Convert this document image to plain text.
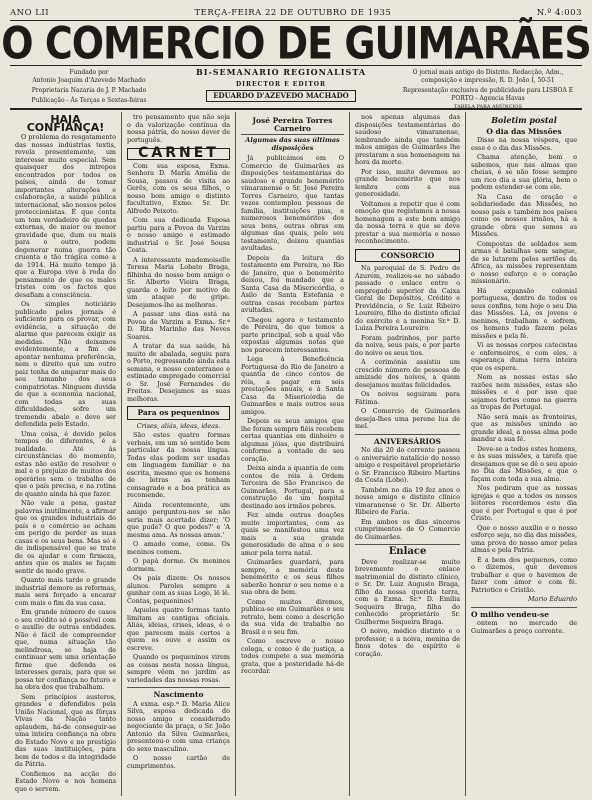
ANO LII	TERÇA-FEIRA 22 DE OUTUBRO DE 1935	N.º 4:003
O COMERCIO DE GUIMARÃES
Fundado por
Antonio Joaquim d'Azevedo Machado
Proprietaria Nazaria de J. P. Machado
Publicação - Ás Terças e Sextas-feiras
BI-SEMANARIO REGIONALISTA
DIRECTOR E EDITOR
EDUARDO D'AZEVEDO MACHADO
O jornal mais antigo do Distrito. Redacção, Adm., composição e impressão, R. D. João I, 50-51
Representação exclusiva de publicidade para LISBOA E PORTO - Agencia Havas
TABELA PARA ANÚNCIOS
HAJA CONFIANÇA!

O problema do resgatamento das nossas indústrias textis, revela presentemente, um interesse muito especial. Sem quaisquer dos intrepos encontrados por todos os países, ainda de tomar importantes alterações e colaboração, a saúde pública internacional, são nossos pelos proteccionistas. É que conta um tom verdadeiro de quedas externas, de maior ou menor gravidade que, dum ou mais para o outro, podem degenerar numa guerra tão cruenta e tão trágica como a de 1914. Há muito tempo já que a Europa vive à roda do pensamento de que os males tristes com os factos que desafiam a consciência.

Os simples noticiário publicado pelos jornais é suficiente para os provar, com evidência, a situação de alarme que parecem exigir as medidas. Não deixamos evidentemente, a fim de apontar nenhuma preferência, nem o direito que um outro paiz tenha de amparar mais do seu tamanho dos seus compatriotas. Ninguem duvida de que a economia nacional, com todas as suas dificuldades, sofre um tremendo abalo e deve ser defendida pelo Estado.

Uma coisa, é devido pelos tempos de diferentes, é a realidade. Até às circunstâncias do momento, estas não estão de resolver o mal e o prejuízo de muitos dos operários sem o trabalho de que o país precisa, e na rotina de quanto ainda há que fazer.

Não vale a pena, gastar palavras inutilmente, a afirmar que os grandes industriais do país e o comércio se acham em perigo de perder as suas casas e os seus bens. Mas só é de indispensável que se trate de os ajudar e com firmeza, antes que os males se façam sentir de modo grave.

Quanto mais tarde o grande industrial demore as reformas, mais será forçado a encarar com mais o fim da sua casa.

Em grande número de casos o seu crédito só é possível com o auxilio de outras entidades. Não é fácil de compreender que, numa situação tão melindrosa, se haja de continuar sem uma orientação firme que defenda os interesses gerais, para que se possa ter confiança no futuro e na obra dos que trabalham.

Sem princípios austeros, grandes e defendidos pela União Nacional, que as fôrças Vivas da Nação tanto aplaudem, há-de conseguir-se uma inteira confiança na obra do Estado Novo e no prestígio das suas instituições, para bem de todos e da integridade da Pátria.

Confiemos na acção do Estado Novo e nos homens que o servem.

tro pensamento que não seja o da valorização contínua da nossa pátria, do nosso dever de português.

CARNET

Com sua esposa, Exma. Senhora D. Maria Amélia de Sousa, passou de visita ao Gerês, com os seus filhos, o nosso bom amigo e distinto facultativo, Exmo. Sr. Dr. Alfredo Peixoto.

Com sua dedicada Esposa partiu para a Povoa de Varzim o nosso amigo e estimado industrial o Sr. José Sousa Costa.

A interessante mademoiselle Teresa Maria Lobato Braga, filhinha do nosso bom amigo o Sr. Alberto Vieira Braga, guarda o leito por motivo de um ataque de gripe. Desejamos-lhe as melhoras.

A passar uns dias está na Povoa de Varzim a Exma. Sr.ª D. Rita Marinho das Neves Soares.

A tratar da sua saúde, há muito de abalada, seguiu para o Porto, regressando ainda esta semana, o nosso conterraneo e estimado empregado comercial o Sr. José Fernandes de Freitas. Desejamos as suas melhoras.

Para os pequeninos
Crises, aliás, ideas, ideas.

São estes quatro formas verbais, em um só sentido bem particular da nossa língua. Todas elas podem ser usadas em linguagem familiar e na escrita, mesmo que os homens de letras as tenham consagrado e a boa prática as recomende.

Ainda recentemente, um amigo perguntou-nos se não seria mais acertado dizer: 'O que pude? O que podes?' e 'A mesma ama. As nossas amas.'

O amado come, come. Os meninos comem.

O papá dorme. Os meninos dormem.

Os pais dizem: Os nossos alunos. Paroles sempre a ganhar com as suas Logo, lê lê. Contas, pequeninos!

Aqueles quatro formas tanto limitam as cantigas oficiais. Aliás, ideias, crises, ideas, é o que parecem mais certos a quem os ouve e assim os escreve.

Quando os pequeninos virem as coisas nesta nossa língua, sempre vêem no jardim as variedades das nossas rosas.

Nascimento

A exma. esp.ª D. Maria Alice Silva, esposa dedicada do nosso amigo e considerado negociante da praça, o Sr. João Antonio da Silva Guimarães, presenteou-o com uma criança do sexo masculino.

O nosso cartão de cumprimentos.

José Pereira Torres Carneiro
Algumas das suas últimas disposições

Já publicámos em O Comercio de Guimarães as disposições testamentárias do saudoso e grande benemérito vimaranense o Sr. José Pereira Torres Carneiro, que tantas vezes contemplou pessoas de família, instituições pias, e numerosos beneméritos dos seus bens, outras obras em algumas das quais, pelo seu testamento, deixou quantias avultadas.

Depois da leitura do testamento em Pereira, no Rio de Janeiro, que o benemérito deixou, foi mandado que a Santa Casa da Misericórdia, o Asilo de Santa Estefania e outras casas recebam partes avultadas.

Chegou agora o testamento de Pereira, de que temos a parte principal, sob a qual vão expostas algumas notas que nos parecem interessantes.

Lega à Beneficência Portuguesa do Rio de Janeiro a quantia de cinco contos de réis, a pagar em seis prestações anuais, e à Santa Casa da Misericórdia de Guimarães e mais outros seus amigos.

Depois os seus amigos que lhe foram sempre fiéis recebem certas quantias em dinheiro e algumas jóias, que distribuirá conforme a vontade de seu coração.

Deixa ainda a quantia de cem contos de réis à Ordem Terceira de São Francisco de Guimarães, Portugal, para a construção de um hospital destinado aos irmãos pobres.

Fez ainda outras doações muito importantes, com as quais se manifestou uma vez mais a sua grande generosidade de alma e o seu amor pela terra natal.

Guimarães guardará, para sempre, a memória deste benemérito e os seus filhos saberão honrar o seu nome e a sua obra de bem.

Como muitos diremos, publica-se em Guimarães o seu retrato, bem como a descrição da sua vida de trabalho no Brasil e o seu fim.

Como escreve o nosso colega, e como é de justiça, a todos compete a sua memória grata, que a posteridade há-de recordar.

nos apenas algumas das disposições testamentárias do saudoso vimaranense, lembrando ainda que também mãos amigas de Guimarães lhe prestaram a sua homenagem na hora da morte.

Por isso, muito devemos ao grande benemérito que nos lembra com a sua generosidade.

Voltamos a repetir que é com emoção que registamos a nossa homenagem a este bom amigo da nossa terra e que se deve prestar a sua memória o nosso reconhecimento.

CONSORCIO

Na paroquial de S. Pedro de Azurém, realizou-se no sábado passado o enlace entre o empregado superior da Caixa Geral de Depósitos, Crédito e Previdência, o Sr. Luiz Ribeiro Loureiro, filho do distinto oficial do exército e a menina Sr.ª D. Luiza Pereira Loureiro.

Foram padrinhos, por parte da noiva, seus pais, e por parte do noivo os seus tios.

A cerimónia assistiu um crescido número de pessoas de amizade dos noivos, a quem desejamos muitas felicidades.

Os noivos seguiram para Fátima.

O Comercio de Guimarães deseja-lhes uma perene lua de mel.

ANIVERSÁRIOS

No dia 20 do corrente passou o aniversário natalício do nosso amigo e respeitável proprietário o Sr. Francisco Ribeiro Martins da Costa (Lobo).

Também no dia 19 fez anos o nosso amigo e distinto clínico vimaranense o Sr. Dr. Alberto Ribeiro de Faria.

Em ambos os dias sinceros cumprimentos de O Comercio de Guimarães.

Enlace

Deve realizar-se muito brevemente o enlace matrimonial do distinto clínico, o Sr. Dr. Luiz Augusto Braga, filho da nossa querida terra, com a Exma. Sr.ª D. Emília Sequeira Braga, filha do conhecido proprietário Sr. Guilherme Sequeira Braga.

O noivo, médico distinto e o professor, e a noiva, menina de finos dotes de espírito e coração.

Boletim postal
O dia das Missões

Disse na nossa véspera, que esse é o dia das Missões.

Chama atenção, bem o sabemos, que nas almas que cheias, é se não fosse sempre um rico dia a sua glória, bem o podem estender-se com ele.

Na Casa de oração e solidariedade das Missões, no nosso país e também nos países como os nossos irmãos, há a grande obra que somos as Missões.

Compostas de soldados sem armas é batalhas sem sangue, de se lutarem pelos sertões da Africa, as missões representam o nosso esforço e o coração missionário.

Há expansão colonial portuguesa, dentro de todos os seus confins, tem hoje o seu Dia das Missões. Lá, os jovens e meninos, trabalham e sofrem, os homens tudo fazem pelas missões e pela fé.

Vi as nossas corpos catecistas e enfermeiros, e com eles, a esperança duma terra inteira que os espera.

Nem as nossas estas são razões nem missões, estas são missões e é por isso que sejamos fortes como na guerra as tropas de Portugal.

Não será mais as fronteiras, que as missões unindo ao grande ideal, a nossa alma pode mandar a sua fé.

Deve-se a todos estes homens, e às suas missões, a tarefa que desejamos que se dê o seu apoio no Dia das Missões, e que o façam com toda a sua alma.

Nos pediram que as nossas igrejas e que a todos os nossos leitores recordemos este dia que é por Portugal e que é por Cristo.

Que o nosso auxílio e o nosso esforço seja, no dia das missões, uma prova do nosso amor pelas almas e pela Patria.

É a bem dos pequenos, como o dizemos, que devemos trabalhar e que o havemos de fazer com amor e com fé. Patriotico e Cristão.

Mario Eduardo
O milho vendeu-se

ontem no mercado de Guimarães a preço corrente.
